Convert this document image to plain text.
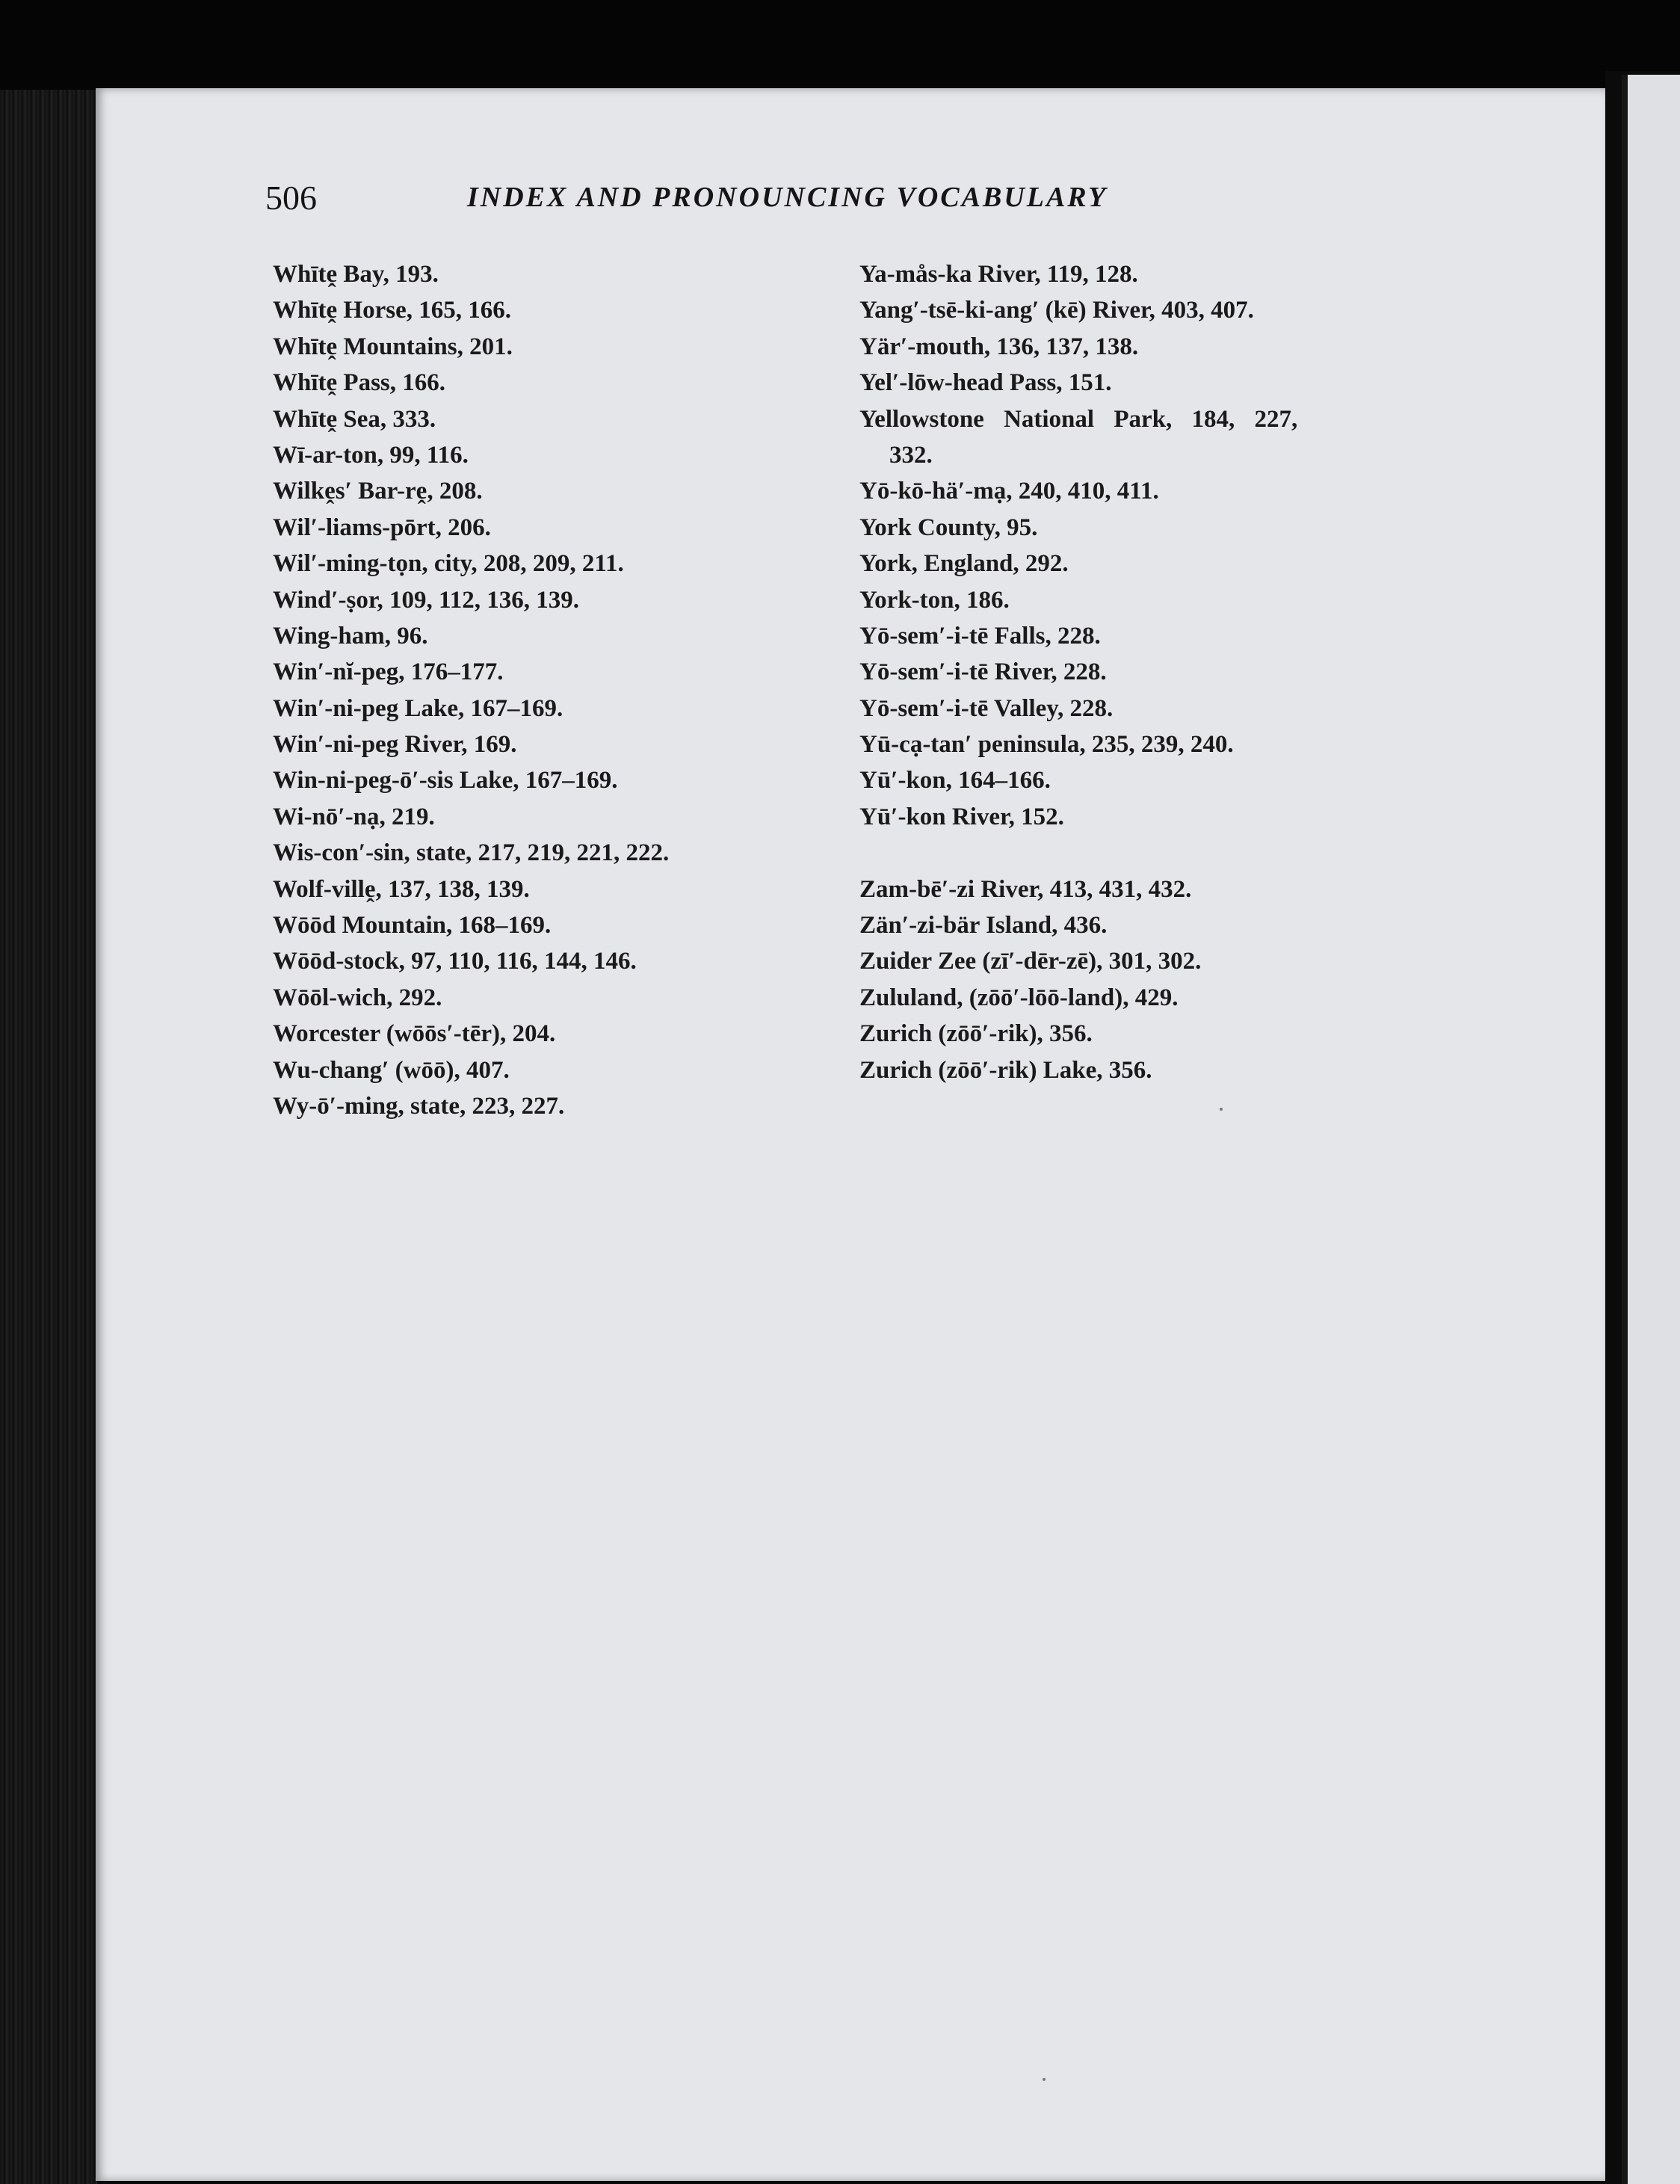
506	INDEX AND PRONOUNCING VOCABULARY
Whītḙ Bay, 193.
Whītḙ Horse, 165, 166.
Whītḙ Mountains, 201.
Whītḙ Pass, 166.
Whītḙ Sea, 333.
Wī-ar-ton, 99, 116.
Wilkḙs′ Bar-rḙ, 208.
Wil′-liams-pōrt, 206.
Wil′-ming-tọn, city, 208, 209, 211.
Wind′-ṣor, 109, 112, 136, 139.
Wing-ham, 96.
Win′-nĭ-peg, 176–177.
Win′-ni-peg Lake, 167–169.
Win′-ni-peg River, 169.
Win-ni-peg-ō′-sis Lake, 167–169.
Wi-nō′-nạ, 219.
Wis-con′-sin, state, 217, 219, 221, 222.
Wolf-villḙ, 137, 138, 139.
Wōōd Mountain, 168–169.
Wōōd-stock, 97, 110, 116, 144, 146.
Wōōl-wich, 292.
Worcester (wōōs′-tēr), 204.
Wu-chang′ (wōō), 407.
Wy-ō′-ming, state, 223, 227.
Ya-mås-ka River, 119, 128.
Yang′-tsē-ki-ang′ (kē) River, 403, 407.
Yär′-mouth, 136, 137, 138.
Yel′-lōw-head Pass, 151.
Yellowstone National Park, 184, 227,
332.
Yō-kō-hä′-mạ, 240, 410, 411.
York County, 95.
York, England, 292.
York-ton, 186.
Yō-sem′-i-tē Falls, 228.
Yō-sem′-i-tē River, 228.
Yō-sem′-i-tē Valley, 228.
Yū-cạ-tan′ peninsula, 235, 239, 240.
Yū′-kon, 164–166.
Yū′-kon River, 152.
Zam-bē′-zi River, 413, 431, 432.
Zän′-zi-bär Island, 436.
Zuider Zee (zī′-dēr-zē), 301, 302.
Zululand, (zōō′-lōō-land), 429.
Zurich (zōō′-rik), 356.
Zurich (zōō′-rik) Lake, 356.
